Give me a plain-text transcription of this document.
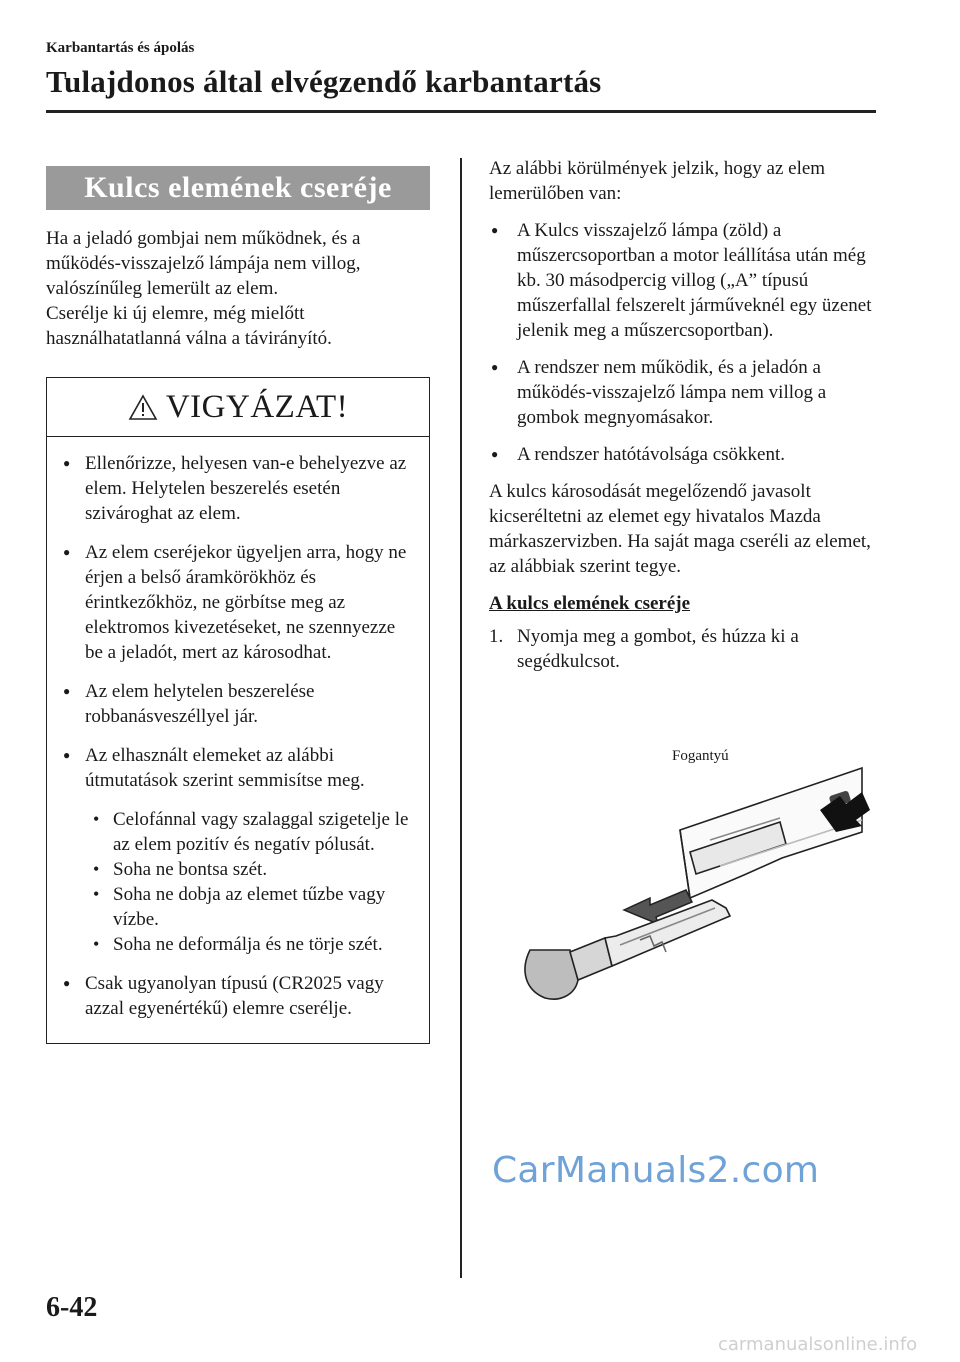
Karbantartás és ápolás
Tulajdonos által elvégzendő karbantartás
Kulcs elemének cseréje

Ha a jeladó gombjai nem működnek, és a működés-visszajelző lámpája nem villog, valószínűleg lemerült az elem.

Cserélje ki új elemre, még mielőtt használhatatlanná válna a távirányító.

VIGYÁZAT!
● Ellenőrizze, helyesen van-e behelyezve az elem. Helytelen beszerelés esetén szivároghat az elem.
● Az elem cseréjekor ügyeljen arra, hogy ne érjen a belső áramkörökhöz és érintkezőkhöz, ne görbítse meg az elektromos kivezetéseket, ne szennyezze be a jeladót, mert az károsodhat.
● Az elem helytelen beszerelése robbanásveszéllyel jár.
● Az elhasznált elemeket az alábbi útmutatások szerint semmisítse meg.
• Celofánnal vagy szalaggal szigetelje le az elem pozitív és negatív pólusát.
• Soha ne bontsa szét.
• Soha ne dobja az elemet tűzbe vagy vízbe.
• Soha ne deformálja és ne törje szét.
● Csak ugyanolyan típusú (CR2025 vagy azzal egyenértékű) elemre cserélje.

Az alábbi körülmények jelzik, hogy az elem lemerülőben van:

● A Kulcs visszajelző lámpa (zöld) a műszercsoportban a motor leállítása után még kb. 30 másodpercig villog („A” típusú műszerfallal felszerelt járműveknél egy üzenet jelenik meg a műszercsoportban).
● A rendszer nem működik, és a jeladón a működés-visszajelző lámpa nem villog a gombok megnyomásakor.
● A rendszer hatótávolsága csökkent.

A kulcs károsodását megelőzendő javasolt kicseréltetni az elemet egy hivatalos Mazda márkaszervizben. Ha saját maga cseréli az elemet, az alábbiak szerint tegye.

A kulcs elemének cseréje

1. Nyomja meg a gombot, és húzza ki a segédkulcsot.

Fogantyú
CarManuals2.com
6-42
carmanualsonline.info
